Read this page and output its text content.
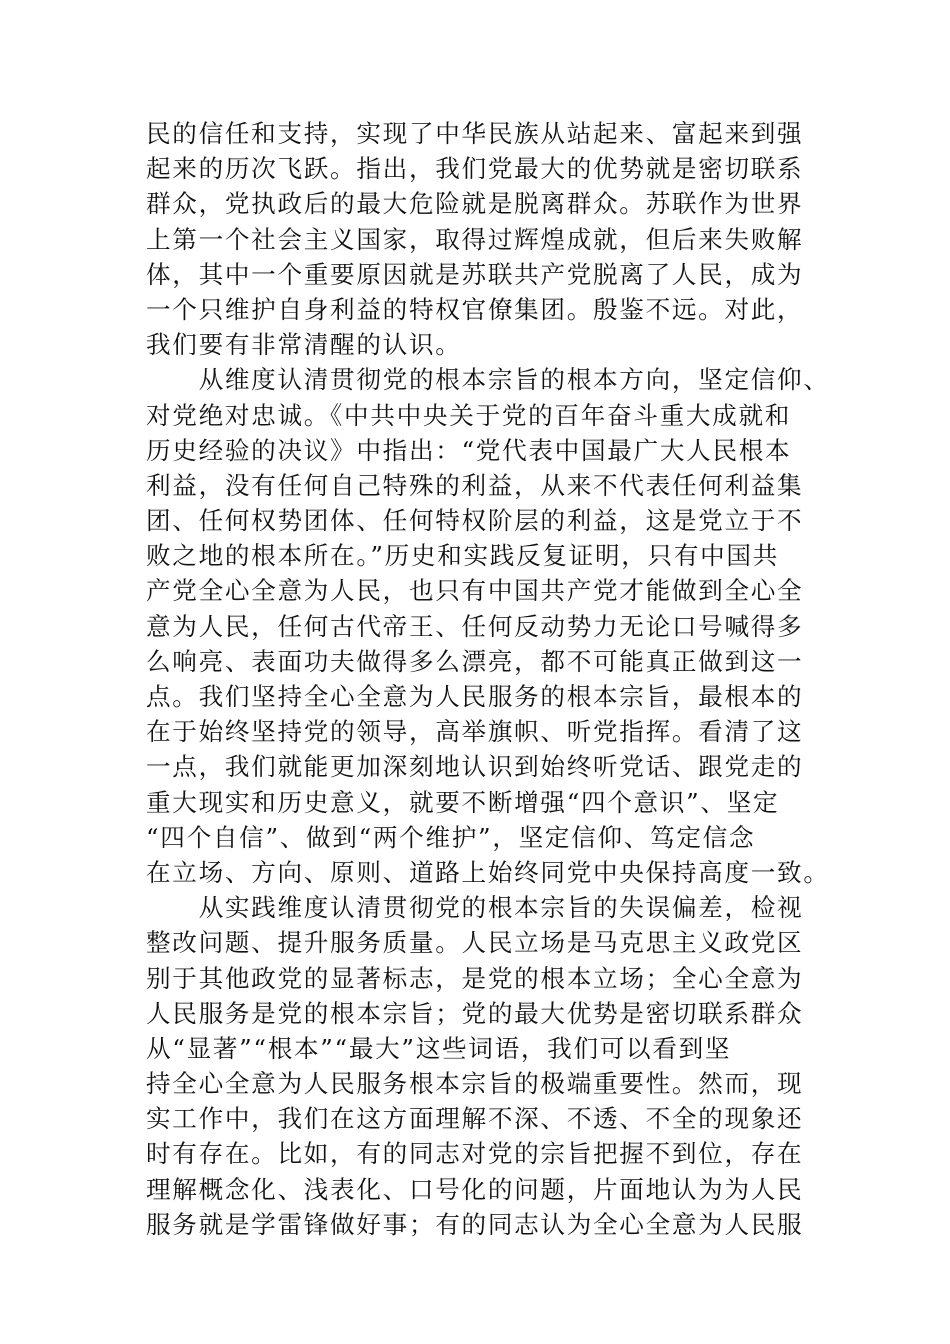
民的信任和支持，实现了中华民族从站起来、富起来到强
起来的历次飞跃。指出，我们党最大的优势就是密切联系
群众，党执政后的最大危险就是脱离群众。苏联作为世界
上第一个社会主义国家，取得过辉煌成就，但后来失败解
体，其中一个重要原因就是苏联共产党脱离了人民，成为
一个只维护自身利益的特权官僚集团。殷鉴不远。对此，
我们要有非常清醒的认识。
　　从维度认清贯彻党的根本宗旨的根本方向，坚定信仰、
对党绝对忠诚。《中共中央关于党的百年奋斗重大成就和
历史经验的决议》中指出：“党代表中国最广大人民根本
利益，没有任何自己特殊的利益，从来不代表任何利益集
团、任何权势团体、任何特权阶层的利益，这是党立于不
败之地的根本所在。”历史和实践反复证明，只有中国共
产党全心全意为人民，也只有中国共产党才能做到全心全
意为人民，任何古代帝王、任何反动势力无论口号喊得多
么响亮、表面功夫做得多么漂亮，都不可能真正做到这一
点。我们坚持全心全意为人民服务的根本宗旨，最根本的
在于始终坚持党的领导，高举旗帜、听党指挥。看清了这
一点，我们就能更加深刻地认识到始终听党话、跟党走的
重大现实和历史意义，就要不断增强“四个意识”、坚定
“四个自信”、做到“两个维护”，坚定信仰、笃定信念
在立场、方向、原则、道路上始终同党中央保持高度一致。
　　从实践维度认清贯彻党的根本宗旨的失误偏差，检视
整改问题、提升服务质量。人民立场是马克思主义政党区
别于其他政党的显著标志，是党的根本立场；全心全意为
人民服务是党的根本宗旨；党的最大优势是密切联系群众
从“显著”“根本”“最大”这些词语，我们可以看到坚
持全心全意为人民服务根本宗旨的极端重要性。然而，现
实工作中，我们在这方面理解不深、不透、不全的现象还
时有存在。比如，有的同志对党的宗旨把握不到位，存在
理解概念化、浅表化、口号化的问题，片面地认为为人民
服务就是学雷锋做好事；有的同志认为全心全意为人民服
